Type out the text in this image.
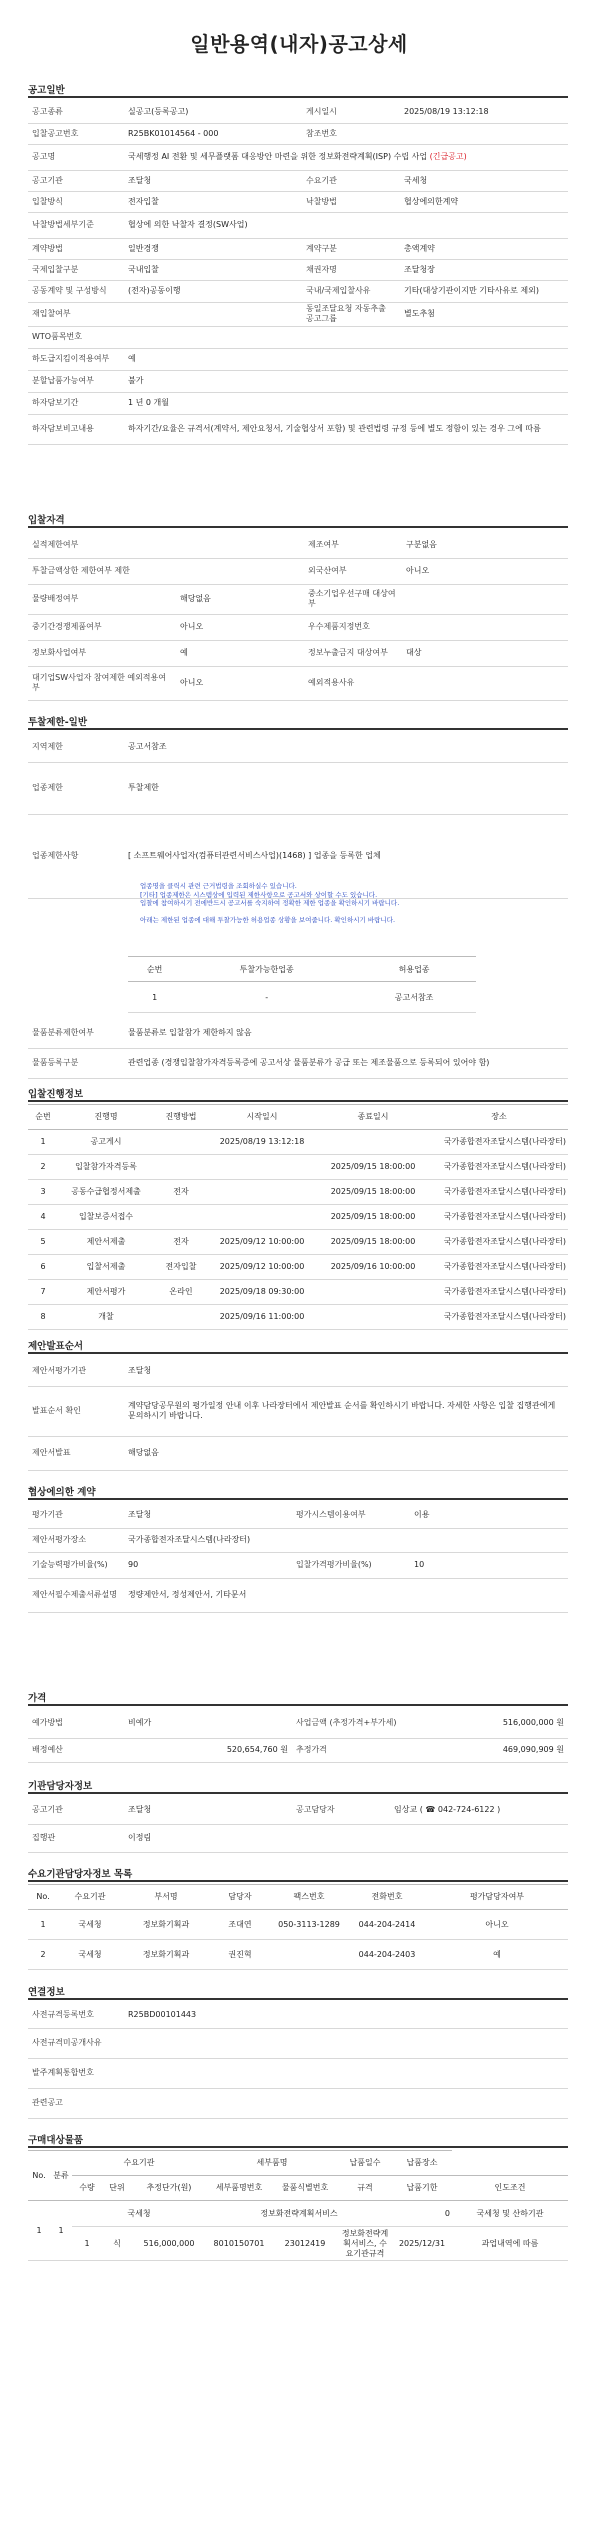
일반용역(내자)공고상세
공고일반
공고종류	실공고(등록공고)	게시일시	2025/08/19 13:12:18
입찰공고번호	R25BK01014564 - 000	참조번호	
공고명	국세행정 AI 전환 및 세무플랫폼 대응방안 마련을 위한 정보화전략계획(ISP) 수립 사업 (긴급공고)		
공고기관	조달청	수요기관	국세청
입찰방식	전자입찰	낙찰방법	협상에의한계약
낙찰방법세부기준	협상에 의한 낙찰자 결정(SW사업)		
계약방법	일반경쟁	계약구분	총액계약
국제입찰구분	국내입찰	채권자명	조달청장
공동계약 및 구성방식	(전자)공동이행	국내/국제입찰사유	기타(대상기관이지만 기타사유로 제외)
재입찰여부		동일조달요청 자동추출 공고그룹	별도추첨
WTO품목번호			
하도급지킴이적용여부	예		
분할납품가능여부	불가		
하자담보기간	1 년 0 개월		
하자담보비고내용	하자기간/요율은 규격서(계약서, 제안요청서, 기술협상서 포함) 및 관련법령 규정 등에 별도 정함이 있는 경우 그에 따름		
입찰자격
실적제한여부		제조여부	구분없음
투찰금액상한 제한여부 제한		외국산여부	아니오
물량배정여부	해당없음	중소기업우선구매 대상여부	
중기간경쟁제품여부	아니오	우수제품지정번호	
정보화사업여부	예	정보누출금지 대상여부	대상
대기업SW사업자 참여제한 예외적용여부	아니오	예외적용사유	
투찰제한-일반
지역제한	공고서참조
업종제한	투찰제한
업종제한사항	[ 소프트웨어사업자(컴퓨터관련서비스사업)(1468) ] 업종을 등록한 업체
업종명을 클릭시 관련 근거법령을 조회하실수 있습니다.
[기타] 업종제한은 시스템상에 입력된 제한사항으로 공고서와 상이할 수도 있습니다.
입찰에 참여하시기 전에반드시 공고서를 숙지하여 정확한 제한 업종을 확인하시기 바랍니다.
아래는 제한된 업종에 대해 투찰가능한 허용업종 상황을 보여줍니다. 확인하시기 바랍니다.
순번	투찰가능한업종	허용업종
1	-	공고서참조
물품분류제한여부	물품분류로 입찰참가 제한하지 않음
물품등록구분	관련업종 (경쟁입찰참가자격등록증에 공고서상 물품분류가 공급 또는 제조물품으로 등록되어 있어야 함)
입찰진행정보
순번	진행명	진행방법	시작일시	종료일시	장소
1	공고게시		2025/08/19 13:12:18		국가종합전자조달시스템(나라장터)
2	입찰참가자격등록			2025/09/15 18:00:00	국가종합전자조달시스템(나라장터)
3	공동수급협정서제출	전자		2025/09/15 18:00:00	국가종합전자조달시스템(나라장터)
4	입찰보증서접수			2025/09/15 18:00:00	국가종합전자조달시스템(나라장터)
5	제안서제출	전자	2025/09/12 10:00:00	2025/09/15 18:00:00	국가종합전자조달시스템(나라장터)
6	입찰서제출	전자입찰	2025/09/12 10:00:00	2025/09/16 10:00:00	국가종합전자조달시스템(나라장터)
7	제안서평가	온라인	2025/09/18 09:30:00		국가종합전자조달시스템(나라장터)
8	개찰		2025/09/16 11:00:00		국가종합전자조달시스템(나라장터)
제안발표순서
제안서평가기관	조달청
발표순서 확인	계약담당공무원의 평가일정 안내 이후 나라장터에서 제안발표 순서를 확인하시기 바랍니다. 자세한 사항은 입찰 집행관에게 문의하시기 바랍니다.
제안서발표	해당없음
협상에의한 계약
평가기관	조달청	평가시스템이용여부	이용
제안서평가장소	국가종합전자조달시스템(나라장터)		
기술능력평가비율(%)	90	입찰가격평가비율(%)	10
제안서필수제출서류설명	정량제안서, 정성제안서, 기타문서		
가격
예가방법	비예가	사업금액 (추정가격+부가세)	516,000,000 원
배정예산	520,654,760 원	추정가격	469,090,909 원
기관담당자정보
공고기관	조달청	공고담당자	임상교 ( ☎ 042-724-6122 )
집행관	이정림		
수요기관담당자정보 목록
No.	수요기관	부서명	담당자	팩스번호	전화번호	평가담당자여부
1	국세청	정보화기획과	조대연	050-3113-1289	044-204-2414	아니오
2	국세청	정보화기획과	권진혁		044-204-2403	예
연결정보
사전규격등록번호	R25BD00101443
사전규격미공개사유	
발주계획통합번호	
관련공고	
구매대상물품
No.	분류	수요기관			세부품명		납품일수	납품장소	
		수량	단위	추정단가(원)	세부품명번호	물품식별번호	규격	납품기한	인도조건
1	1	국세청			정보화전략계획서비스			0	국세청 및 산하기관
		1	식	516,000,000	8010150701	23012419	정보화전략계획서비스, 수요기관규격	2025/12/31	과업내역에 따름
